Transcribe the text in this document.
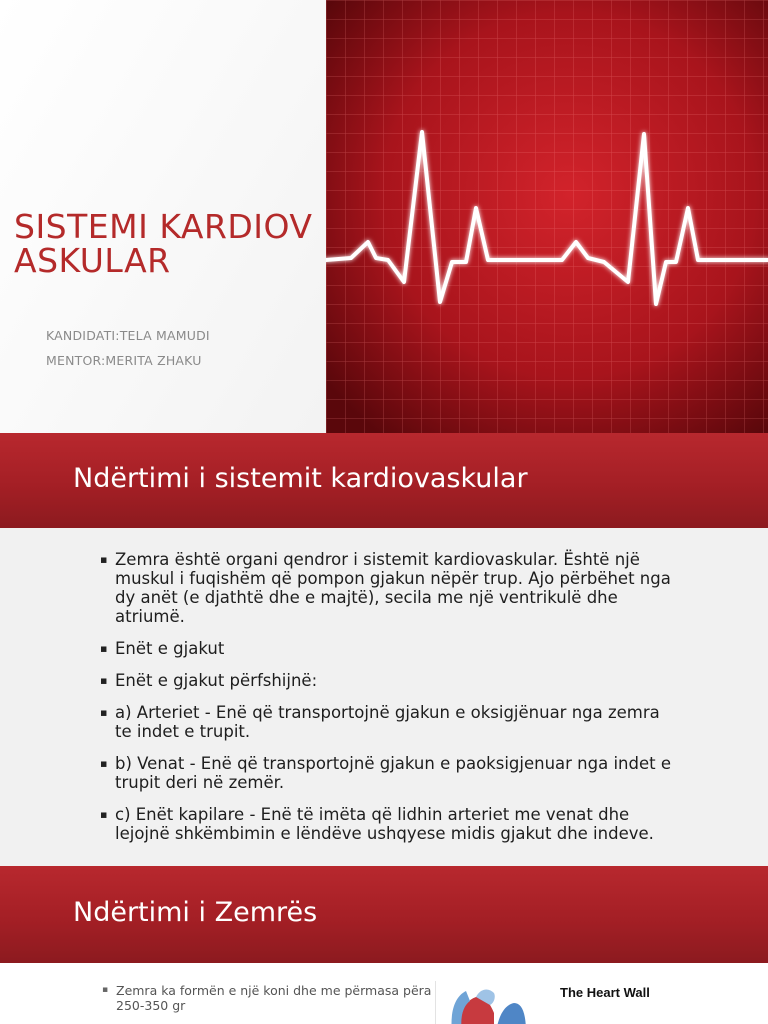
SISTEMI KARDIOVASKULAR
KANDIDATI:TELA MAMUDI
MENTOR:MERITA ZHAKU
Ndërtimi i sistemit kardiovaskular
▪ Zemra është organi qendror i sistemit kardiovaskular. Është një muskul i fuqishëm që pompon gjakun nëpër trup. Ajo përbëhet nga dy anët (e djathtë dhe e majtë), secila me një ventrikulë dhe atriumë.
▪ Enët e gjakut
▪ Enët e gjakut përfshijnë:
▪ a) Arteriet - Enë që transportojnë gjakun e oksigjënuar nga zemra te indet e trupit.
▪ b) Venat - Enë që transportojnë gjakun e paoksigjenuar nga indet e trupit deri në zemër.
▪ c) Enët kapilare - Enë të imëta që lidhin arteriet me venat dhe lejojnë shkëmbimin e lëndëve ushqyese midis gjakut dhe indeve.
Ndërtimi i Zemrës
▪ Zemra ka formën e një koni dhe me përmasa përa
250-350 gr
The Heart Wall
